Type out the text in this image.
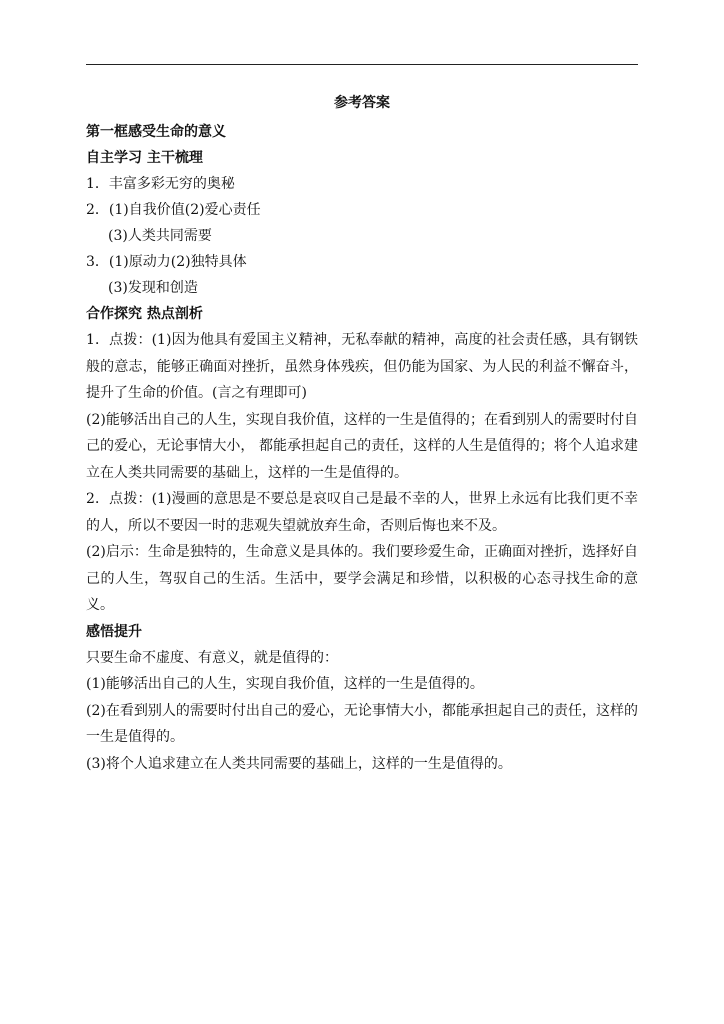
参考答案
第一框感受生命的意义
自主学习 主干梳理
1．丰富多彩无穷的奥秘
2．(1)自我价值(2)爱心责任
(3)人类共同需要
3．(1)原动力(2)独特具体
(3)发现和创造
合作探究 热点剖析
1．点拨：(1)因为他具有爱国主义精神，无私奉献的精神，高度的社会责任感，具有钢铁般的意志，能够正确面对挫折，虽然身体残疾，但仍能为国家、为人民的利益不懈奋斗，提升了生命的价值。(言之有理即可)
(2)能够活出自己的人生，实现自我价值，这样的一生是值得的；在看到别人的需要时付自己的爱心，无论事情大小， 都能承担起自己的责任，这样的人生是值得的；将个人追求建立在人类共同需要的基础上，这样的一生是值得的。
2．点拨：(1)漫画的意思是不要总是哀叹自己是最不幸的人，世界上永远有比我们更不幸的人，所以不要因一时的悲观失望就放弃生命，否则后悔也来不及。
(2)启示：生命是独特的，生命意义是具体的。我们要珍爱生命，正确面对挫折，选择好自己的人生，驾驭自己的生活。生活中，要学会满足和珍惜，以积极的心态寻找生命的意义。
感悟提升
只要生命不虚度、有意义，就是值得的：
(1)能够活出自己的人生，实现自我价值，这样的一生是值得的。
(2)在看到别人的需要时付出自己的爱心，无论事情大小，都能承担起自己的责任，这样的一生是值得的。
(3)将个人追求建立在人类共同需要的基础上，这样的一生是值得的。
